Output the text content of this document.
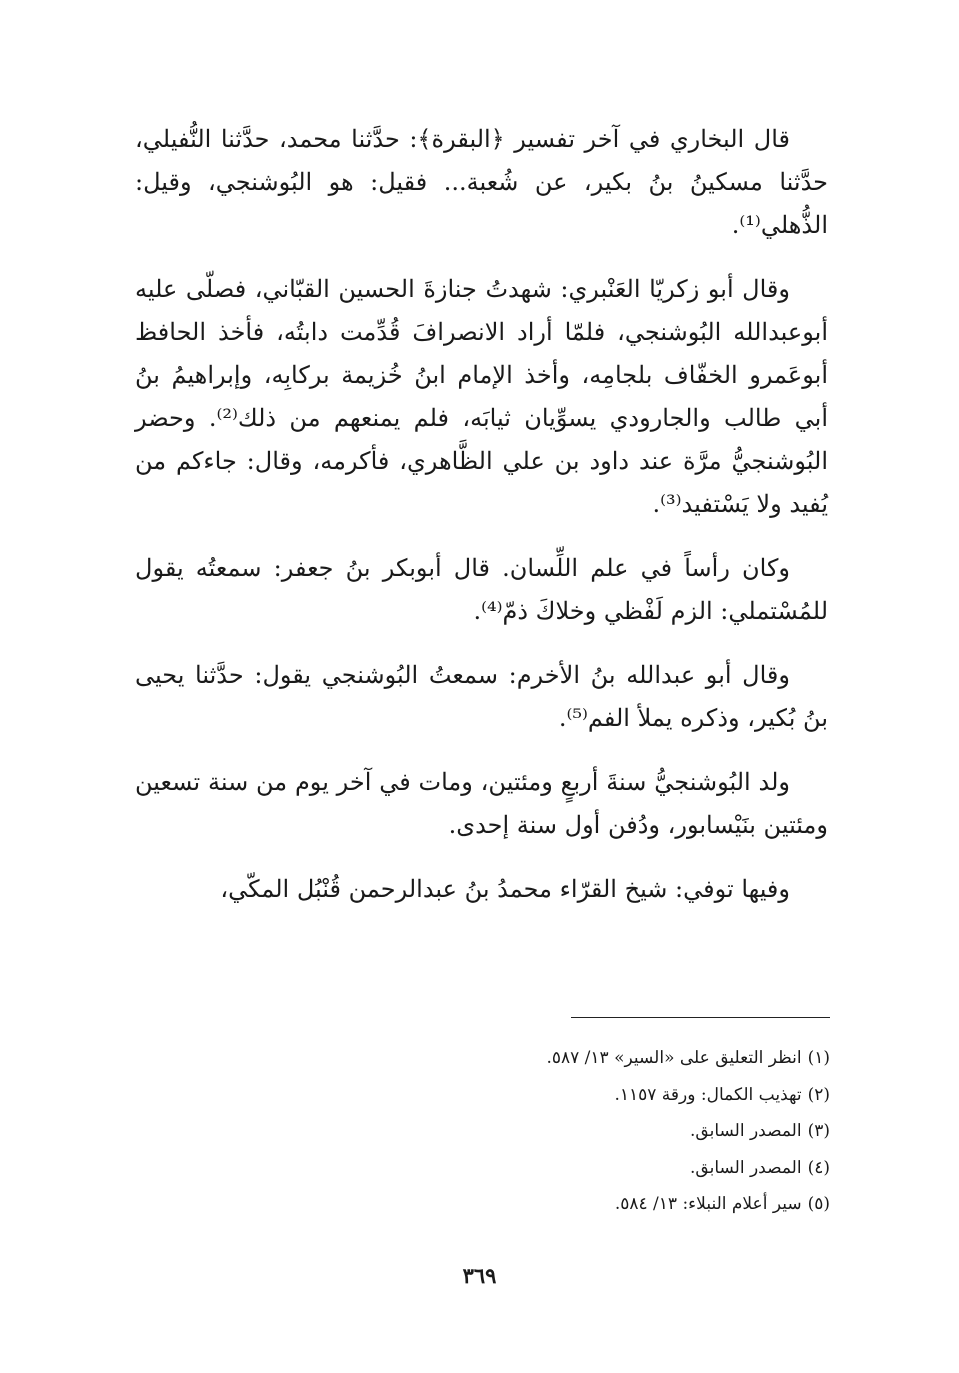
قال البخاري في آخر تفسير ﴿البقرة﴾: حدَّثنا محمد، حدَّثنا النُّفيلي، حدَّثنا مسكينُ بنُ بكير، عن شُعبة... فقيل: هو البُوشنجي، وقيل: الذُّهلي⁽¹⁾.

وقال أبو زكريّا العَنْبري: شهدتُ جنازةَ الحسين القبّاني، فصلّى عليه أبوعبدالله البُوشنجي، فلمّا أراد الانصرافَ قُدِّمت دابتُه، فأخذ الحافظ أبوعَمرو الخفّاف بلجامِه، وأخذ الإمام ابنُ خُزيمة بركابِه، وإبراهيمُ بنُ أبي طالب والجارودي يسوِّيان ثيابَه، فلم يمنعهم من ذلك⁽²⁾. وحضر البُوشنجيُّ مرَّة عند داود بن علي الظَّاهري، فأكرمه، وقال: جاءكم من يُفيد ولا يَسْتفيد⁽³⁾.

وكان رأساً في علم اللِّسان. قال أبوبكر بنُ جعفر: سمعتُه يقول للمُسْتملي: الزم لَفْظي وخلاكَ ذمّ⁽⁴⁾.

وقال أبو عبدالله بنُ الأخرم: سمعتُ البُوشنجي يقول: حدَّثنا يحيى بنُ بُكير، وذكره يملأ الفم⁽⁵⁾.

ولد البُوشنجيُّ سنةَ أربعٍ ومئتين، ومات في آخر يوم من سنة تسعين ومئتين بنَيْسابور، ودُفن أول سنة إحدى.

وفيها توفي: شيخ القرّاء محمدُ بنُ عبدالرحمن قُنْبُل المكّي،

(١)انظر التعليق على «السير» ١٣/ ٥٨٧.

(٢)تهذيب الكمال: ورقة ١١٥٧.

(٣)المصدر السابق.

(٤)المصدر السابق.

(٥)سير أعلام النبلاء: ١٣/ ٥٨٤.

٣٦٩
